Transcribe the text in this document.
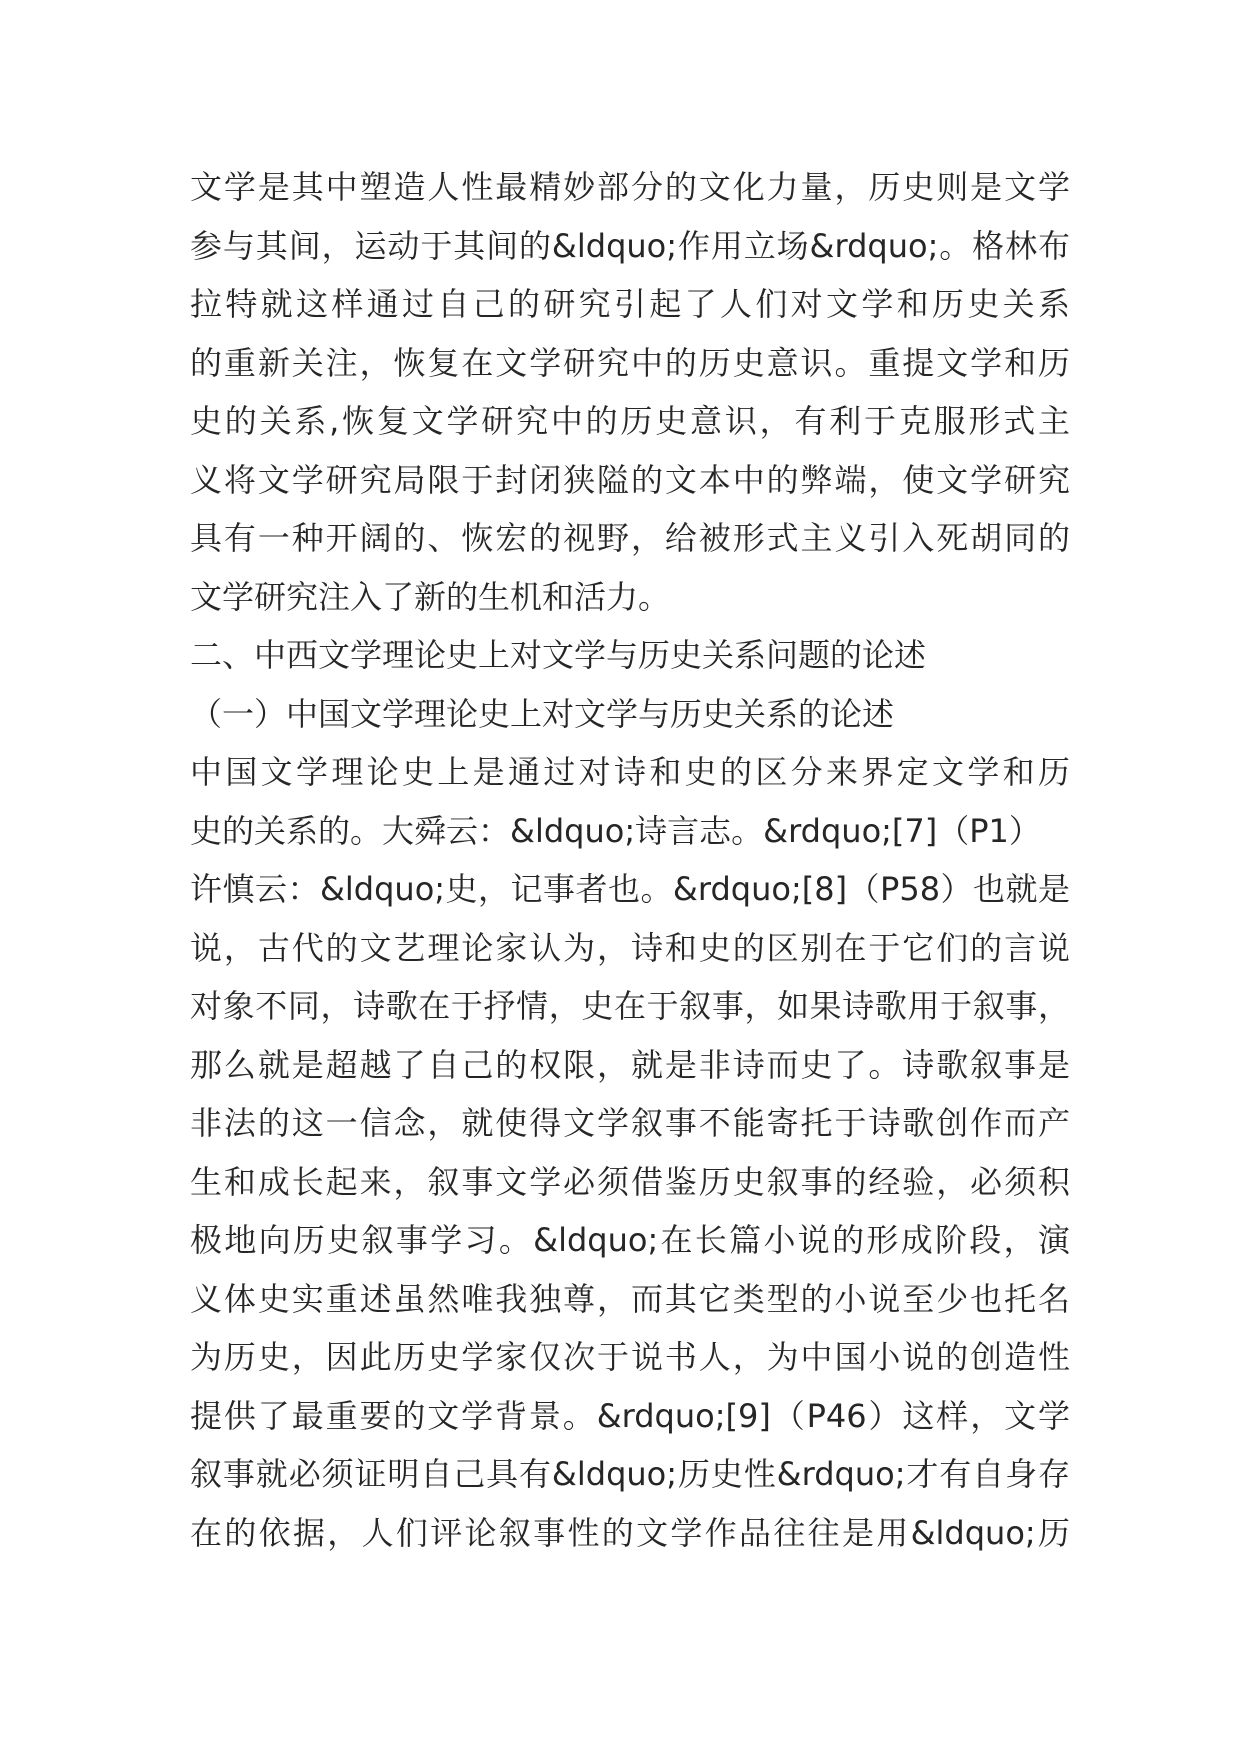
文学是其中塑造人性最精妙部分的文化力量，历史则是文学
参与其间，运动于其间的&ldquo;作用立场&rdquo;。格林布
拉特就这样通过自己的研究引起了人们对文学和历史关系
的重新关注，恢复在文学研究中的历史意识。重提文学和历
史的关系,恢复文学研究中的历史意识，有利于克服形式主
义将文学研究局限于封闭狭隘的文本中的弊端，使文学研究
具有一种开阔的、恢宏的视野，给被形式主义引入死胡同的
文学研究注入了新的生机和活力。
二、中西文学理论史上对文学与历史关系问题的论述
（一）中国文学理论史上对文学与历史关系的论述
中国文学理论史上是通过对诗和史的区分来界定文学和历
史的关系的。大舜云：&ldquo;诗言志。&rdquo;[7]（P1）
许慎云：&ldquo;史，记事者也。&rdquo;[8]（P58）也就是
说，古代的文艺理论家认为，诗和史的区别在于它们的言说
对象不同，诗歌在于抒情，史在于叙事，如果诗歌用于叙事，
那么就是超越了自己的权限，就是非诗而史了。诗歌叙事是
非法的这一信念，就使得文学叙事不能寄托于诗歌创作而产
生和成长起来，叙事文学必须借鉴历史叙事的经验，必须积
极地向历史叙事学习。&ldquo;在长篇小说的形成阶段，演
义体史实重述虽然唯我独尊，而其它类型的小说至少也托名
为历史，因此历史学家仅次于说书人，为中国小说的创造性
提供了最重要的文学背景。&rdquo;[9]（P46）这样，文学
叙事就必须证明自己具有&ldquo;历史性&rdquo;才有自身存
在的依据，人们评论叙事性的文学作品往往是用&ldquo;历
